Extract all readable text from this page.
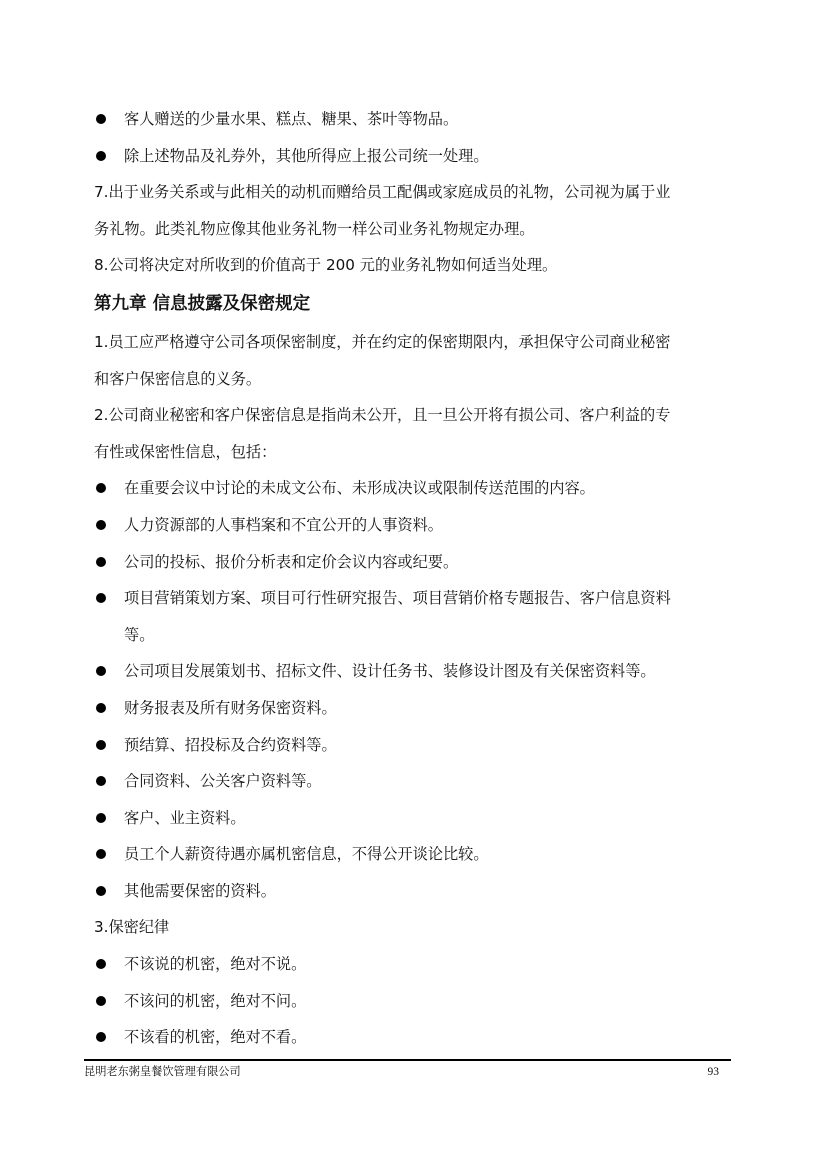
客人赠送的少量水果、糕点、糖果、茶叶等物品。
除上述物品及礼券外，其他所得应上报公司统一处理。
7.出于业务关系或与此相关的动机而赠给员工配偶或家庭成员的礼物，公司视为属于业
务礼物。此类礼物应像其他业务礼物一样公司业务礼物规定办理。
8.公司将决定对所收到的价值高于 200 元的业务礼物如何适当处理。
第九章 信息披露及保密规定
1.员工应严格遵守公司各项保密制度，并在约定的保密期限内，承担保守公司商业秘密
和客户保密信息的义务。
2.公司商业秘密和客户保密信息是指尚未公开，且一旦公开将有损公司、客户利益的专
有性或保密性信息，包括：
在重要会议中讨论的未成文公布、未形成决议或限制传送范围的内容。
人力资源部的人事档案和不宜公开的人事资料。
公司的投标、报价分析表和定价会议内容或纪要。
项目营销策划方案、项目可行性研究报告、项目营销价格专题报告、客户信息资料
等。
公司项目发展策划书、招标文件、设计任务书、装修设计图及有关保密资料等。
财务报表及所有财务保密资料。
预结算、招投标及合约资料等。
合同资料、公关客户资料等。
客户、业主资料。
员工个人薪资待遇亦属机密信息，不得公开谈论比较。
其他需要保密的资料。
3.保密纪律
不该说的机密，绝对不说。
不该问的机密，绝对不问。
不该看的机密，绝对不看。
昆明老东粥皇餐饮管理有限公司	93
